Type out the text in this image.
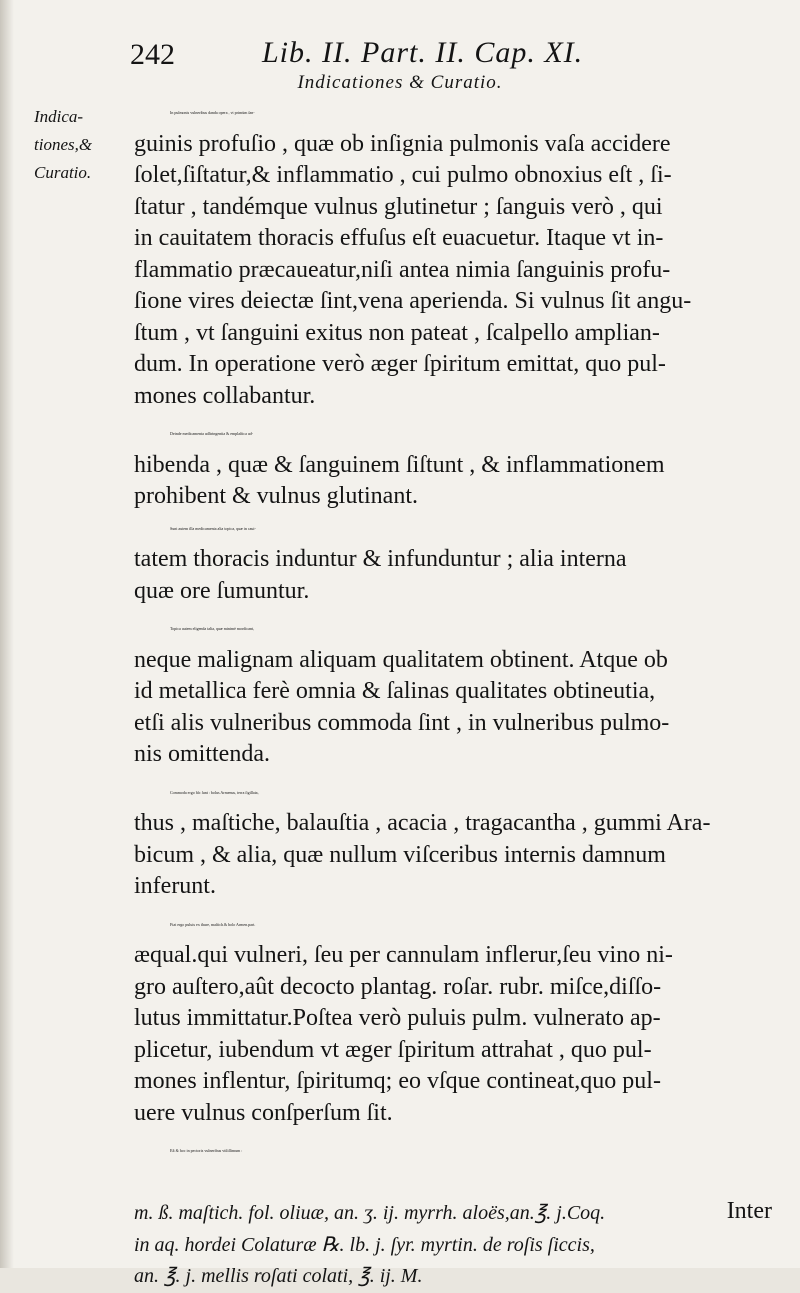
242	Lib. II. Part. II. Cap. XI.
Indicationes & Curatio.
Indica-
tiones,&
Curatio.
In pulmonis vulneribus danda opera , vt primùm ſan-
guinis profuſio , quæ ob inſignia pulmonis vaſa accidere
ſolet,ſiſtatur,& inflammatio , cui pulmo obnoxius eſt , ſi-
ſtatur , tandémque vulnus glutinetur ; ſanguis verò , qui
in cauitatem thoracis effuſus eſt euacuetur. Itaque vt in-
flammatio præcaueatur,niſi antea nimia ſanguinis profu-
ſione vires deiectæ ſint,vena aperienda. Si vulnus ſit angu-
ſtum , vt ſanguini exitus non pateat , ſcalpello amplian-
dum. In operatione verò æger ſpiritum emittat, quo pul-
mones collabantur.
Deinde medicamenta adſtringentia & emplaſtica ad-
hibenda , quæ & ſanguinem ſiſtunt , & inflammationem
prohibent & vulnus glutinant.
Sunt autem illa medicamenta alia topica, quæ in caui-
tatem thoracis induntur & infunduntur ; alia interna
quæ ore ſumuntur.
Topica autem eligenda talia, quæ minimè mordicant,
neque malignam aliquam qualitatem obtinent. Atque ob
id metallica ferè omnia & ſalinas qualitates obtineutia,
etſi alis vulneribus commoda ſint , in vulneribus pulmo-
nis omittenda.
Commoda ergo hîc ſunt : bolus Armenus, terra ſigillata,
thus , maſtiche, balauſtia , acacia , tragacantha , gummi Ara-
bicum , & alia, quæ nullum viſceribus internis damnum
inferunt.
Fiat ergo puluis ex thure, maſtich.& bolo Armen.part.
æqual.qui vulneri, ſeu per cannulam inflerur,ſeu vino ni-
gro auſtero,aût decocto plantag. roſar. rubr. miſce,diſſo-
lutus immittatur.Poſtea verò puluis pulm. vulnerato ap-
plicetur, iubendum vt æger ſpiritum attrahat , quo pul-
mones inflentur, ſpiritumq; eo vſque contineat,quo pul-
uere vulnus conſperſum ſit.
Eſt & hoc in pectoris vulneribus vtiliſſimum :
m. ß. maſtich. fol. oliuæ, an. ʒ. ij. myrrh. aloës,an.℥. j.Coq.
in aq. hordei Colaturæ ℞. lb. j. ſyr. myrtin. de roſis ſiccis,
an. ℥. j. mellis roſati colati, ℥. ij. M.
Inter
